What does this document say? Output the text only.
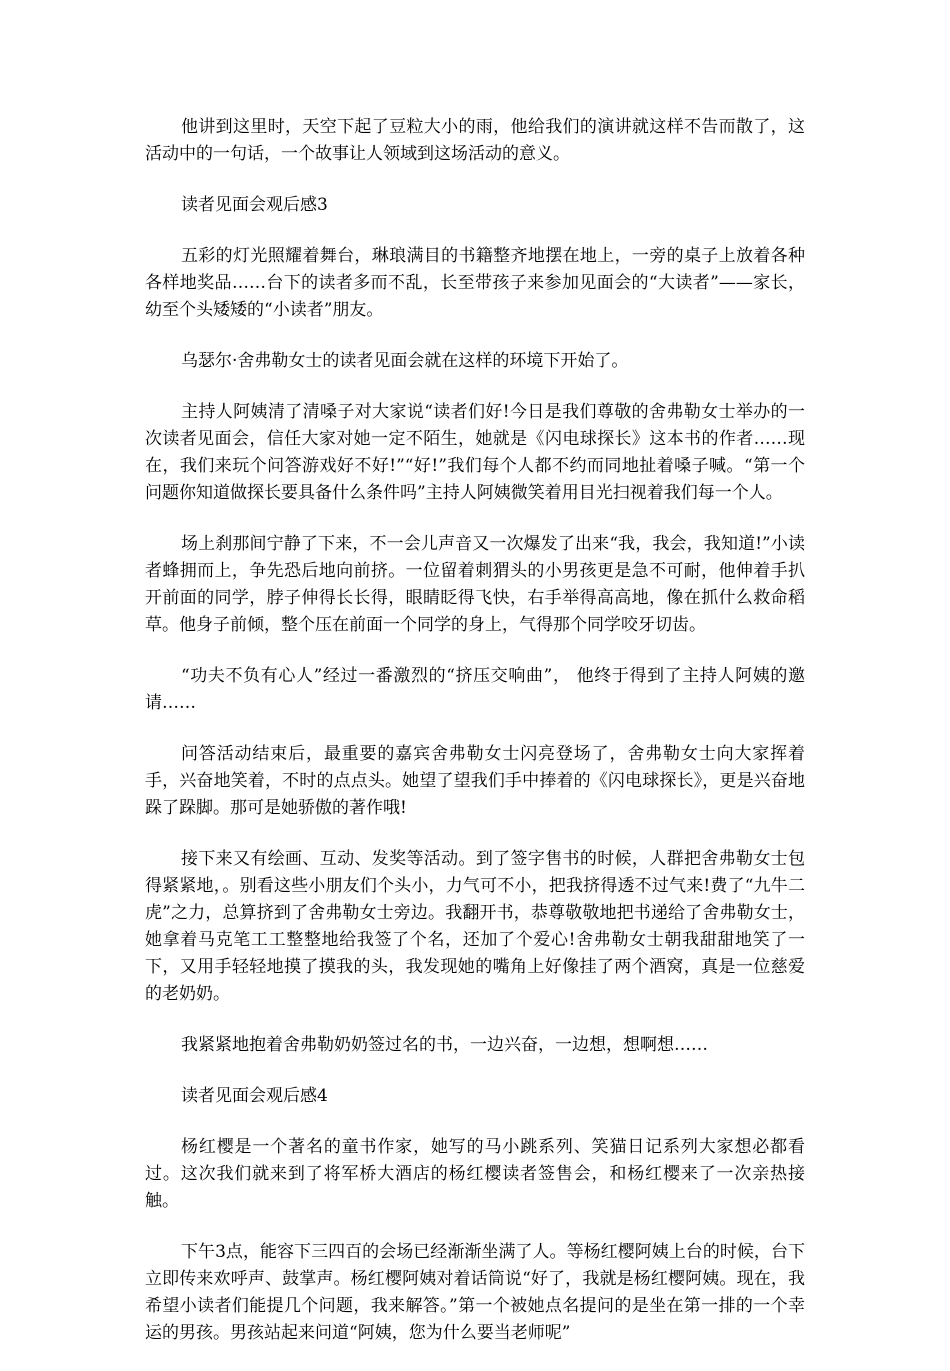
他讲到这里时，天空下起了豆粒大小的雨，他给我们的演讲就这样不告而散了，这活动中的一句话，一个故事让人领域到这场活动的意义。

读者见面会观后感3

五彩的灯光照耀着舞台，琳琅满目的书籍整齐地摆在地上，一旁的桌子上放着各种各样地奖品……台下的读者多而不乱，长至带孩子来参加见面会的“大读者”——家长，幼至个头矮矮的“小读者”朋友。

乌瑟尔·舍弗勒女士的读者见面会就在这样的环境下开始了。

主持人阿姨清了清嗓子对大家说“读者们好!今日是我们尊敬的舍弗勒女士举办的一次读者见面会，信任大家对她一定不陌生，她就是《闪电球探长》这本书的作者……现在，我们来玩个问答游戏好不好!”“好!”我们每个人都不约而同地扯着嗓子喊。“第一个问题你知道做探长要具备什么条件吗”主持人阿姨微笑着用目光扫视着我们每一个人。

场上刹那间宁静了下来，不一会儿声音又一次爆发了出来“我，我会，我知道!”小读者蜂拥而上，争先恐后地向前挤。一位留着刺猬头的小男孩更是急不可耐，他伸着手扒开前面的同学，脖子伸得长长得，眼睛眨得飞快，右手举得高高地，像在抓什么救命稻草。他身子前倾，整个压在前面一个同学的身上，气得那个同学咬牙切齿。

“功夫不负有心人”经过一番激烈的“挤压交响曲”， 他终于得到了主持人阿姨的邀请……

问答活动结束后，最重要的嘉宾舍弗勒女士闪亮登场了，舍弗勒女士向大家挥着手，兴奋地笑着，不时的点点头。她望了望我们手中捧着的《闪电球探长》，更是兴奋地跺了跺脚。那可是她骄傲的著作哦!

接下来又有绘画、互动、发奖等活动。到了签字售书的时候，人群把舍弗勒女士包得紧紧地，。别看这些小朋友们个头小，力气可不小，把我挤得透不过气来!费了“九牛二虎”之力，总算挤到了舍弗勒女士旁边。我翻开书，恭尊敬敬地把书递给了舍弗勒女士，她拿着马克笔工工整整地给我签了个名，还加了个爱心!舍弗勒女士朝我甜甜地笑了一下，又用手轻轻地摸了摸我的头，我发现她的嘴角上好像挂了两个酒窝，真是一位慈爱的老奶奶。

我紧紧地抱着舍弗勒奶奶签过名的书，一边兴奋，一边想，想啊想……

读者见面会观后感4

杨红樱是一个著名的童书作家，她写的马小跳系列、笑猫日记系列大家想必都看过。这次我们就来到了将军桥大酒店的杨红樱读者签售会，和杨红樱来了一次亲热接触。

下午3点，能容下三四百的会场已经渐渐坐满了人。等杨红樱阿姨上台的时候，台下立即传来欢呼声、鼓掌声。杨红樱阿姨对着话筒说“好了，我就是杨红樱阿姨。现在，我希望小读者们能提几个问题，我来解答。”第一个被她点名提问的是坐在第一排的一个幸运的男孩。男孩站起来问道“阿姨，您为什么要当老师呢”
